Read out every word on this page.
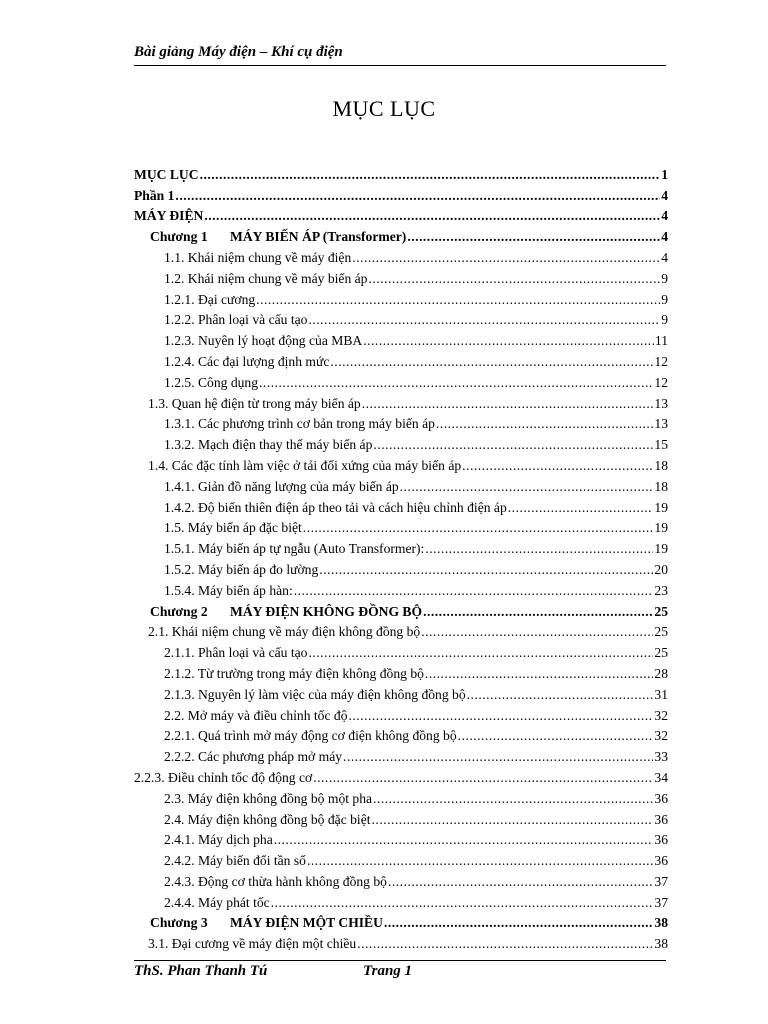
Bài giảng Máy điện – Khí cụ điện
MỤC LỤC
MỤC LỤC .....	1
Phần 1 .....	4
MÁY ĐIỆN .....	4
Chương 1 MÁY BIẾN ÁP (Transformer) .....	4
1.1. Khái niệm chung về máy điện .....	4
1.2. Khái niệm chung về máy biến áp .....	9
1.2.1. Đại cương .....	9
1.2.2. Phân loại và cấu tạo .....	9
1.2.3. Nuyên lý hoạt động của MBA .....	11
1.2.4. Các đại lượng định mức .....	12
1.2.5. Công dụng .....	12
1.3. Quan hệ điện từ trong máy biến áp .....	13
1.3.1. Các phương trình cơ bản trong máy biến áp .....	13
1.3.2. Mạch điện thay thế máy biến áp .....	15
1.4. Các đặc tính làm việc ở tải đối xứng của máy biến áp .....	18
1.4.1. Giản đồ năng lượng của máy biến áp .....	18
1.4.2. Độ biến thiên điện áp theo tải và cách hiệu chỉnh điện áp .....	19
1.5. Máy biến áp đặc biệt .....	19
1.5.1. Máy biến áp tự ngẫu (Auto Transformer): .....	19
1.5.2. Máy biến áp đo lường .....	20
1.5.4. Máy biến áp hàn: .....	23
Chương 2 MÁY ĐIỆN KHÔNG ĐỒNG BỘ .....	25
2.1. Khái niệm chung về máy điện không đồng bộ .....	25
2.1.1. Phân loại và cấu tạo .....	25
2.1.2. Từ trường trong máy điện không đồng bộ .....	28
2.1.3. Nguyên lý làm việc của máy điện không đồng bộ .....	31
2.2. Mở máy và điều chỉnh tốc độ .....	32
2.2.1. Quá trình mở máy động cơ điện không đồng bộ .....	32
2.2.2. Các phương pháp mở máy .....	33
2.2.3. Điều chỉnh tốc độ động cơ .....	34
2.3. Máy điện không đồng bộ một pha .....	36
2.4. Máy điện không đồng bộ đặc biệt .....	36
2.4.1. Máy dịch pha .....	36
2.4.2. Máy biến đổi tần số .....	36
2.4.3. Động cơ thừa hành không đồng bộ .....	37
2.4.4. Máy phát tốc .....	37
Chương 3 MÁY ĐIỆN MỘT CHIỀU .....	38
3.1. Đại cương về máy điện một chiều .....	38
ThS. Phan Thanh Tú	Trang 1
